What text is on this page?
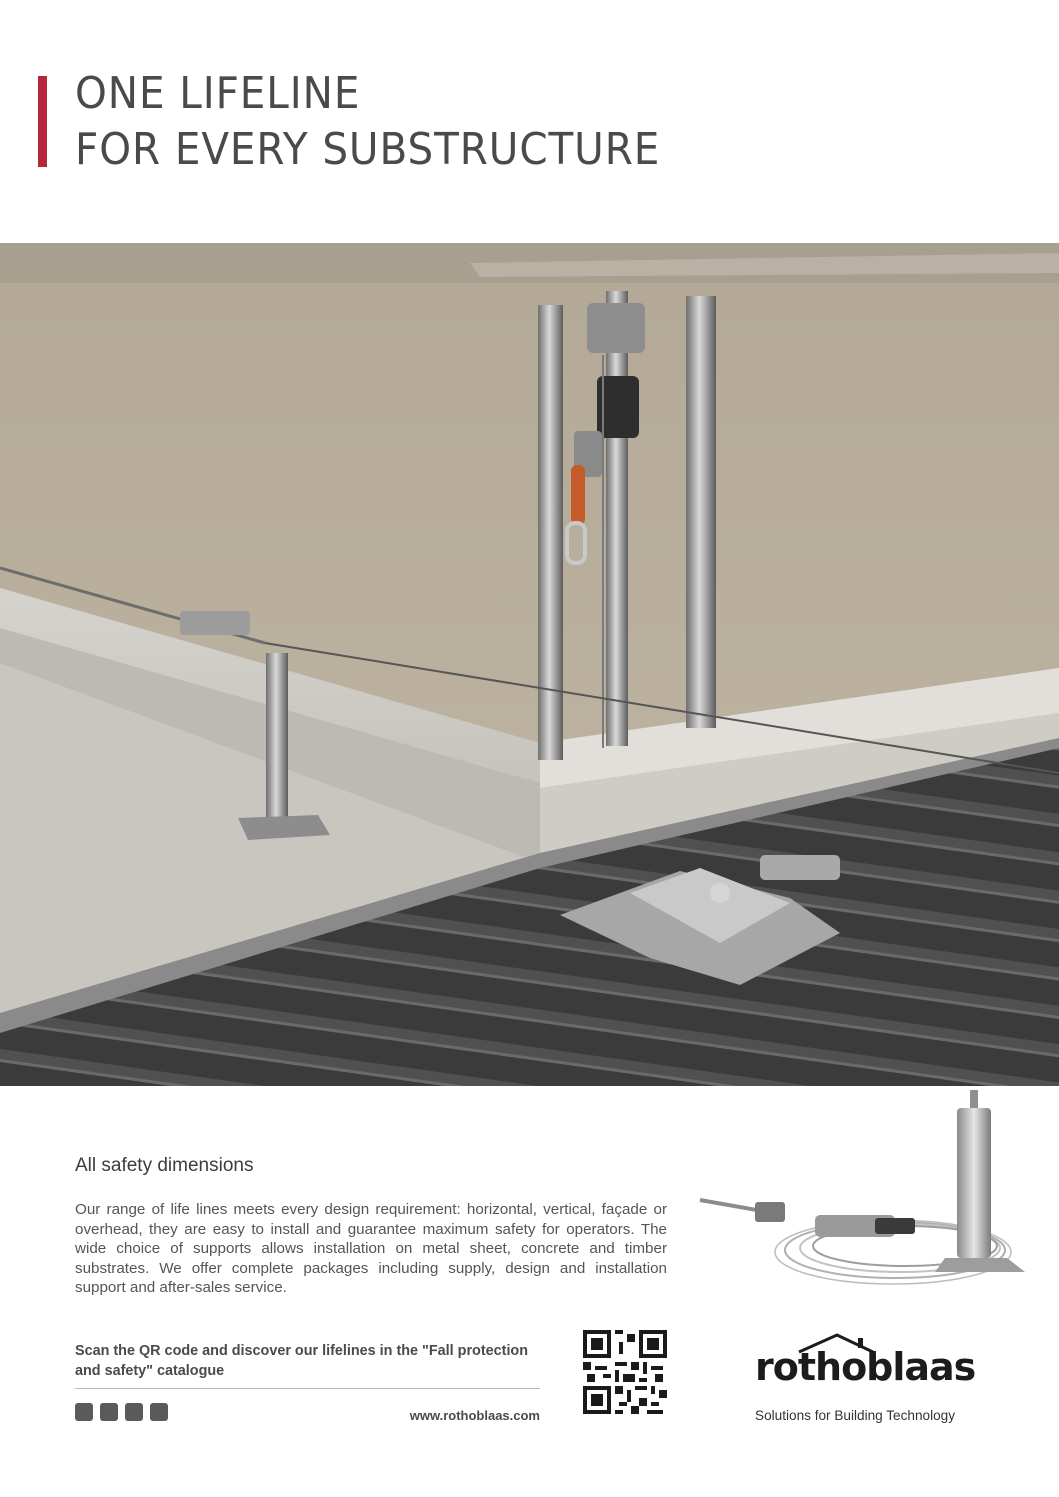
ONE LIFELINE
FOR EVERY SUBSTRUCTURE
All safety dimensions

Our range of life lines meets every design requirement: horizontal, vertical, façade or overhead, they are easy to install and guarantee maximum safety for operators. The wide choice of supports allows installation on metal sheet, concrete and timber substrates. We offer complete packages including supply, design and installation support and after-sales service.

Scan the QR code and discover our lifelines in the "Fall protection and safety" catalogue

www.rothoblaas.com
rothoblaas
Solutions for Building Technology
